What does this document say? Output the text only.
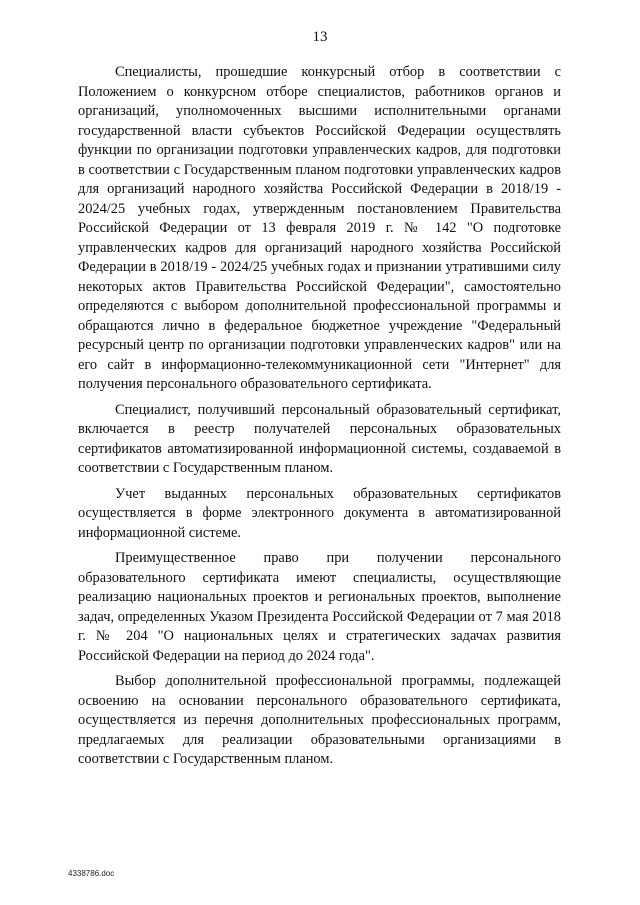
13

Специалисты, прошедшие конкурсный отбор в соответствии с Положением о конкурсном отборе специалистов, работников органов и организаций, уполномоченных высшими исполнительными органами государственной власти субъектов Российской Федерации осуществлять функции по организации подготовки управленческих кадров, для подготовки в соответствии с Государственным планом подготовки управленческих кадров для организаций народного хозяйства Российской Федерации в 2018/19 - 2024/25 учебных годах, утвержденным постановлением Правительства Российской Федерации от 13 февраля 2019 г. № 142 "О подготовке управленческих кадров для организаций народного хозяйства Российской Федерации в 2018/19 - 2024/25 учебных годах и признании утратившими силу некоторых актов Правительства Российской Федерации", самостоятельно определяются с выбором дополнительной профессиональной программы и обращаются лично в федеральное бюджетное учреждение "Федеральный ресурсный центр по организации подготовки управленческих кадров" или на его сайт в информационно-телекоммуникационной сети "Интернет" для получения персонального образовательного сертификата.

Специалист, получивший персональный образовательный сертификат, включается в реестр получателей персональных образовательных сертификатов автоматизированной информационной системы, создаваемой в соответствии с Государственным планом.

Учет выданных персональных образовательных сертификатов осуществляется в форме электронного документа в автоматизированной информационной системе.

Преимущественное право при получении персонального образовательного сертификата имеют специалисты, осуществляющие реализацию национальных проектов и региональных проектов, выполнение задач, определенных Указом Президента Российской Федерации от 7 мая 2018 г. № 204 "О национальных целях и стратегических задачах развития Российской Федерации на период до 2024 года".

Выбор дополнительной профессиональной программы, подлежащей освоению на основании персонального образовательного сертификата, осуществляется из перечня дополнительных профессиональных программ, предлагаемых для реализации образовательными организациями в соответствии с Государственным планом.

4338786.doc
